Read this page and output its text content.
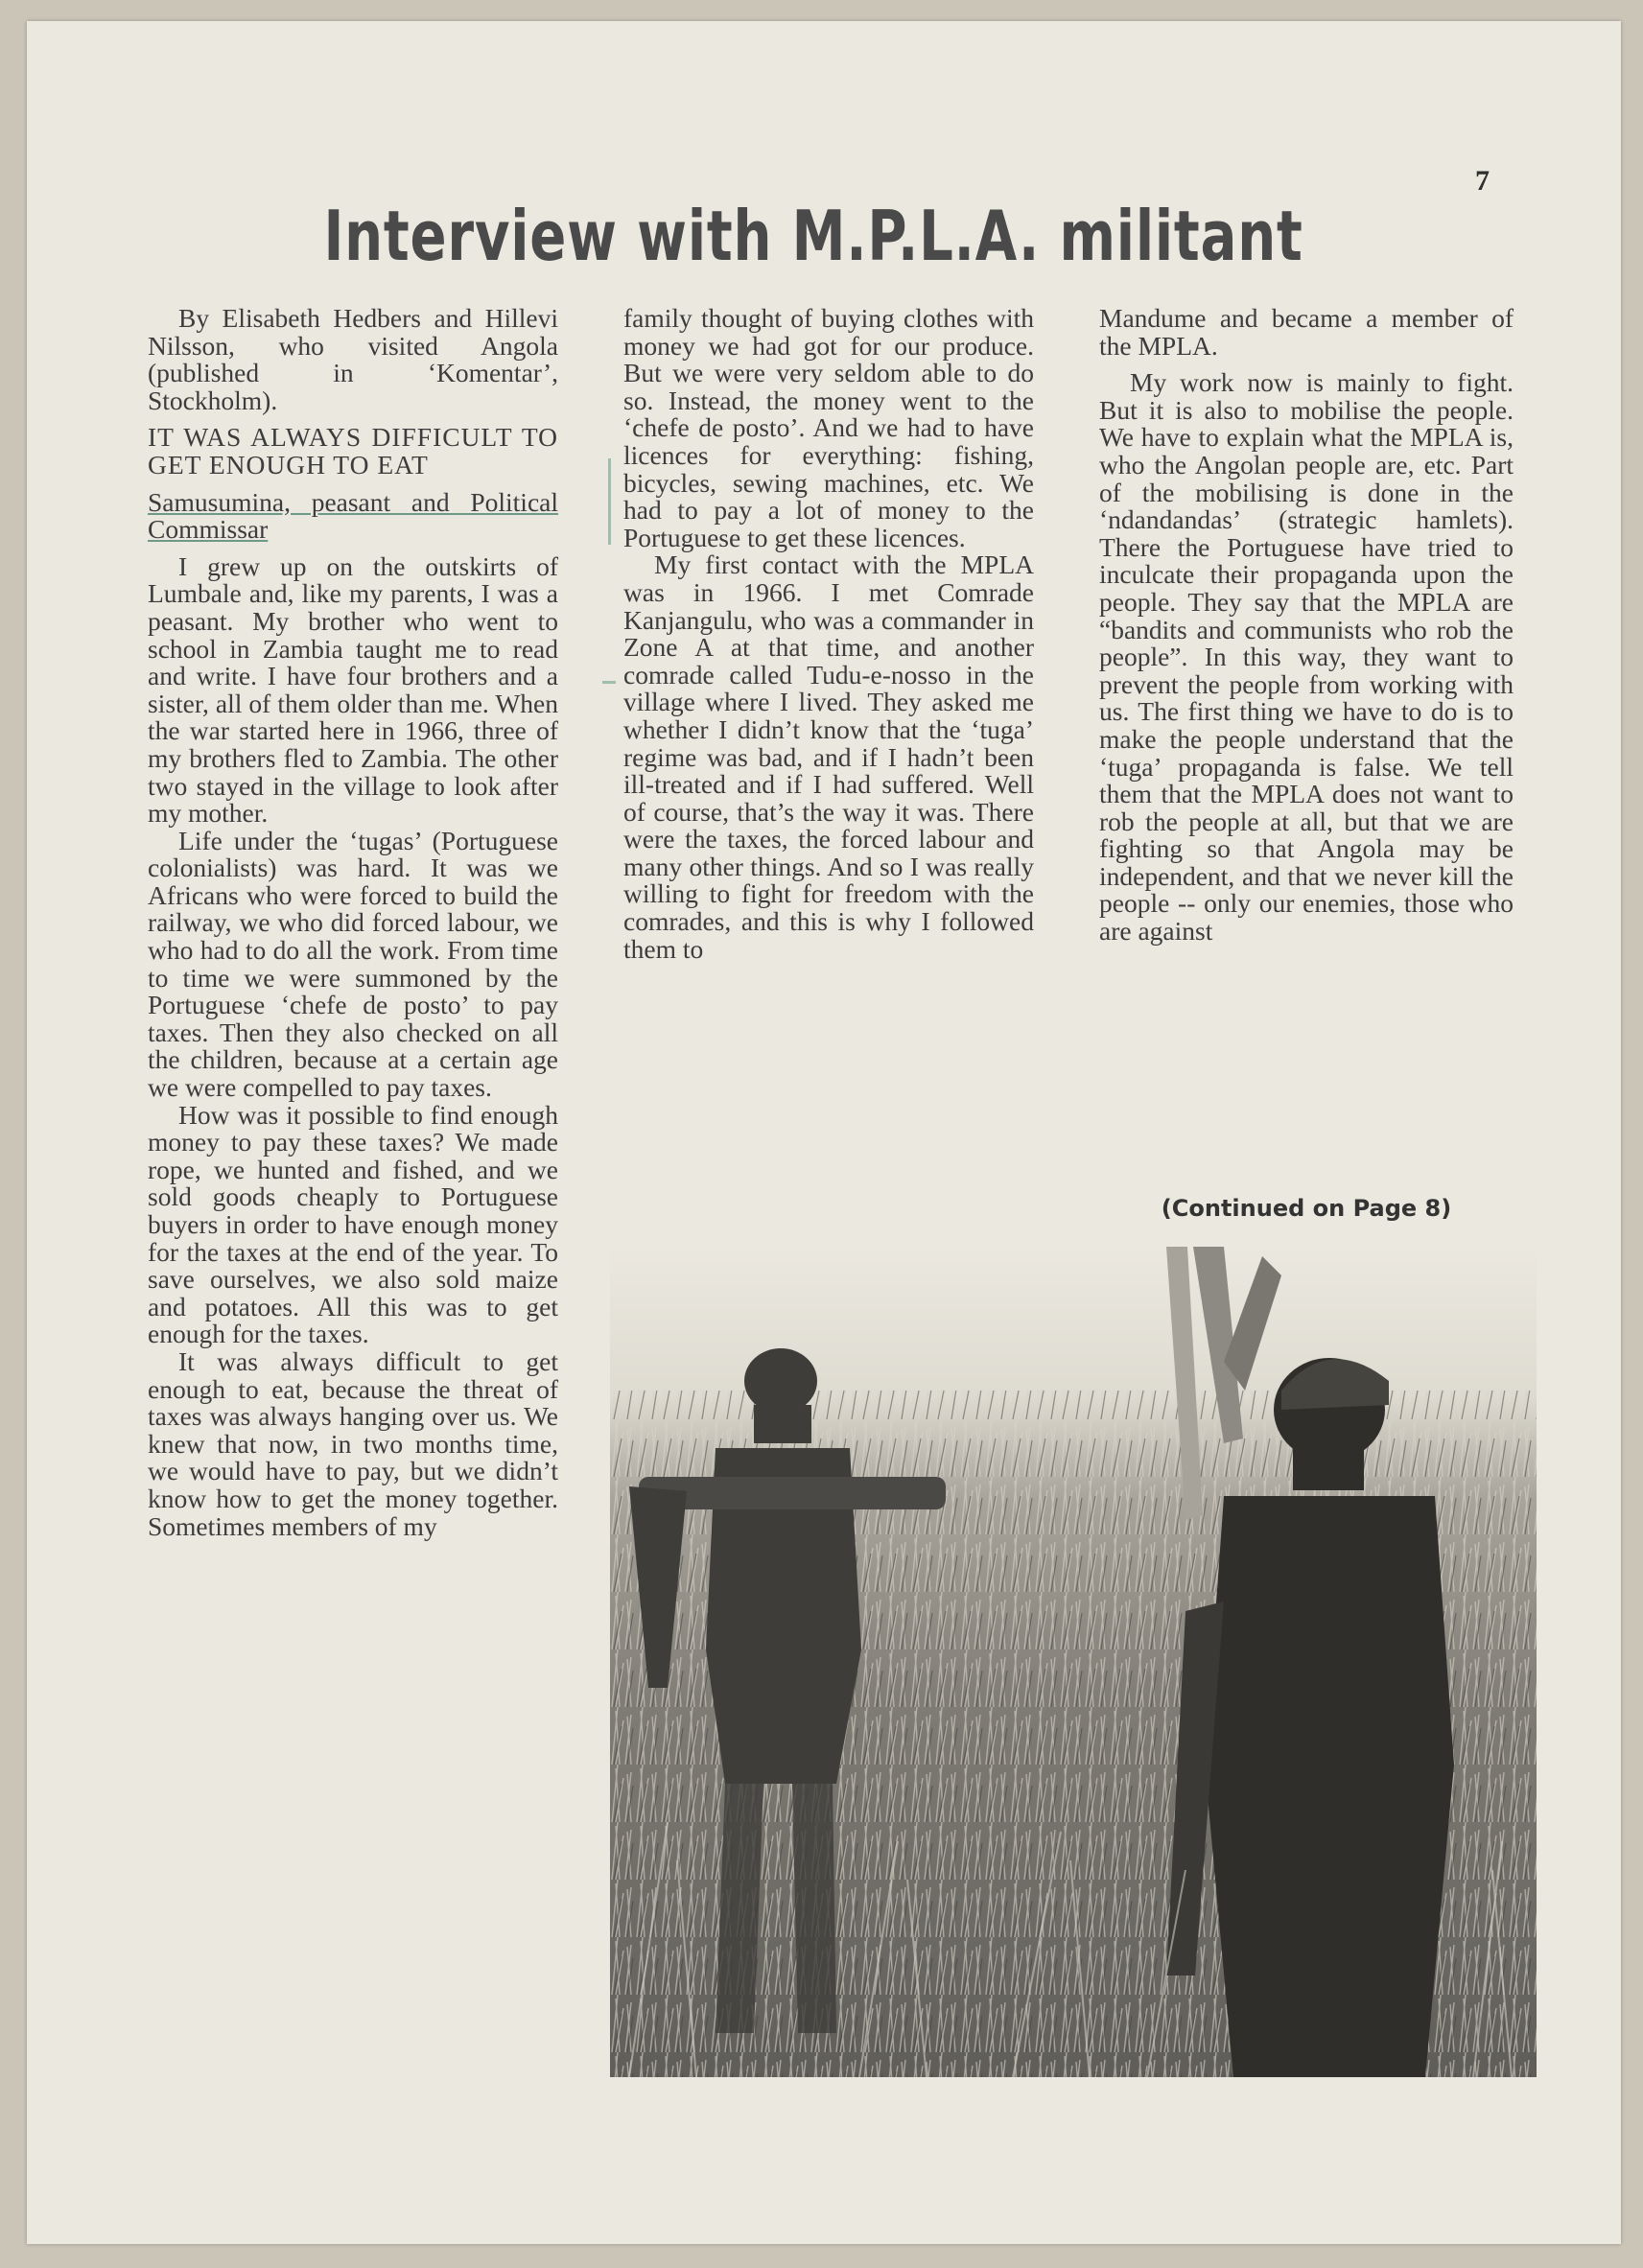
7
Interview with M.P.L.A. militant

By Elisabeth Hedbers and Hillevi Nilsson, who visited Angola (published in ‘Komentar’, Stockholm).

IT WAS ALWAYS DIFFICULT TO GET ENOUGH TO EAT

Samusumina, peasant and Political Commissar

I grew up on the outskirts of Lumbale and, like my parents, I was a peasant. My brother who went to school in Zambia taught me to read and write. I have four brothers and a sister, all of them older than me. When the war started here in 1966, three of my brothers fled to Zambia. The other two stayed in the village to look after my mother.

Life under the ‘tugas’ (Portuguese colonialists) was hard. It was we Africans who were forced to build the railway, we who did forced labour, we who had to do all the work. From time to time we were summoned by the Portuguese ‘chefe de posto’ to pay taxes. Then they also checked on all the children, because at a certain age we were compelled to pay taxes.

How was it possible to find enough money to pay these taxes? We made rope, we hunted and fished, and we sold goods cheaply to Portuguese buyers in order to have enough money for the taxes at the end of the year. To save ourselves, we also sold maize and potatoes. All this was to get enough for the taxes.

It was always difficult to get enough to eat, because the threat of taxes was always hanging over us. We knew that now, in two months time, we would have to pay, but we didn’t know how to get the money together. Sometimes members of my

family thought of buying clothes with money we had got for our produce. But we were very seldom able to do so. Instead, the money went to the ‘chefe de posto’. And we had to have licences for everything: fishing, bicycles, sewing machines, etc. We had to pay a lot of money to the Portuguese to get these licences.

My first contact with the MPLA was in 1966. I met Comrade Kanjangulu, who was a commander in Zone A at that time, and another comrade called Tudu-e-nosso in the village where I lived. They asked me whether I didn’t know that the ‘tuga’ regime was bad, and if I hadn’t been ill-treated and if I had suffered. Well of course, that’s the way it was. There were the taxes, the forced labour and many other things. And so I was really willing to fight for freedom with the comrades, and this is why I followed them to

Mandume and became a member of the MPLA.

My work now is mainly to fight. But it is also to mobilise the people. We have to explain what the MPLA is, who the Angolan people are, etc. Part of the mobilising is done in the ‘ndandandas’ (strategic hamlets). There the Portuguese have tried to inculcate their propaganda upon the people. They say that the MPLA are “bandits and communists who rob the people”. In this way, they want to prevent the people from working with us. The first thing we have to do is to make the people understand that the ‘tuga’ propaganda is false. We tell them that the MPLA does not want to rob the people at all, but that we are fighting so that Angola may be independent, and that we never kill the people -- only our enemies, those who are against

(Continued on Page 8)
